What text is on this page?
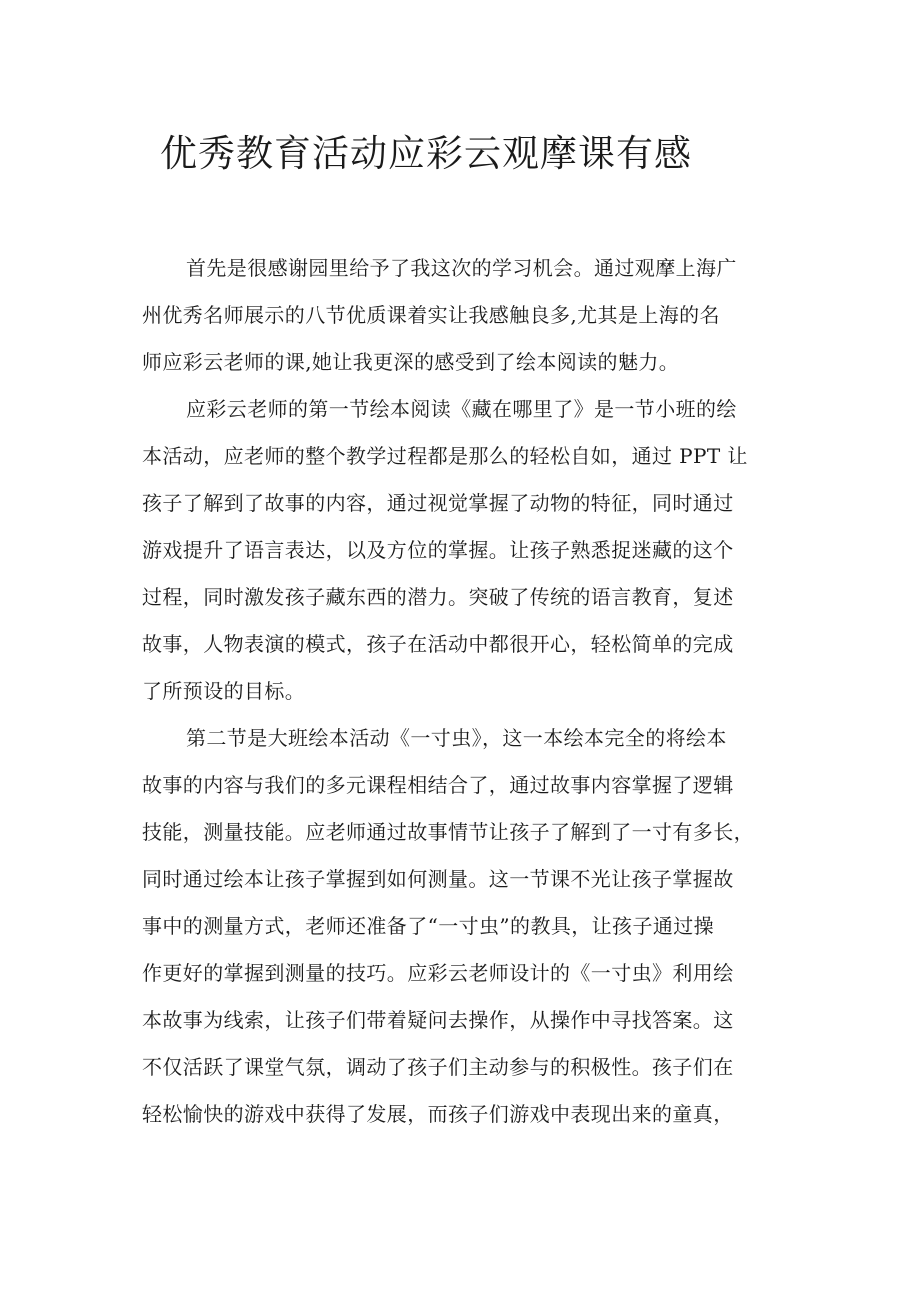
优秀教育活动应彩云观摩课有感

首先是很感谢园里给予了我这次的学习机会。通过观摩上海广

州优秀名师展示的八节优质课着实让我感触良多,尤其是上海的名

师应彩云老师的课,她让我更深的感受到了绘本阅读的魅力。

应彩云老师的第一节绘本阅读《藏在哪里了》是一节小班的绘

本活动，应老师的整个教学过程都是那么的轻松自如，通过 PPT 让

孩子了解到了故事的内容，通过视觉掌握了动物的特征，同时通过

游戏提升了语言表达，以及方位的掌握。让孩子熟悉捉迷藏的这个

过程，同时激发孩子藏东西的潜力。突破了传统的语言教育，复述

故事，人物表演的模式，孩子在活动中都很开心，轻松简单的完成

了所预设的目标。

第二节是大班绘本活动《一寸虫》，这一本绘本完全的将绘本

故事的内容与我们的多元课程相结合了，通过故事内容掌握了逻辑

技能，测量技能。应老师通过故事情节让孩子了解到了一寸有多长，

同时通过绘本让孩子掌握到如何测量。这一节课不光让孩子掌握故

事中的测量方式，老师还准备了“一寸虫”的教具，让孩子通过操

作更好的掌握到测量的技巧。应彩云老师设计的《一寸虫》利用绘

本故事为线索，让孩子们带着疑问去操作，从操作中寻找答案。这

不仅活跃了课堂气氛，调动了孩子们主动参与的积极性。孩子们在

轻松愉快的游戏中获得了发展，而孩子们游戏中表现出来的童真，
